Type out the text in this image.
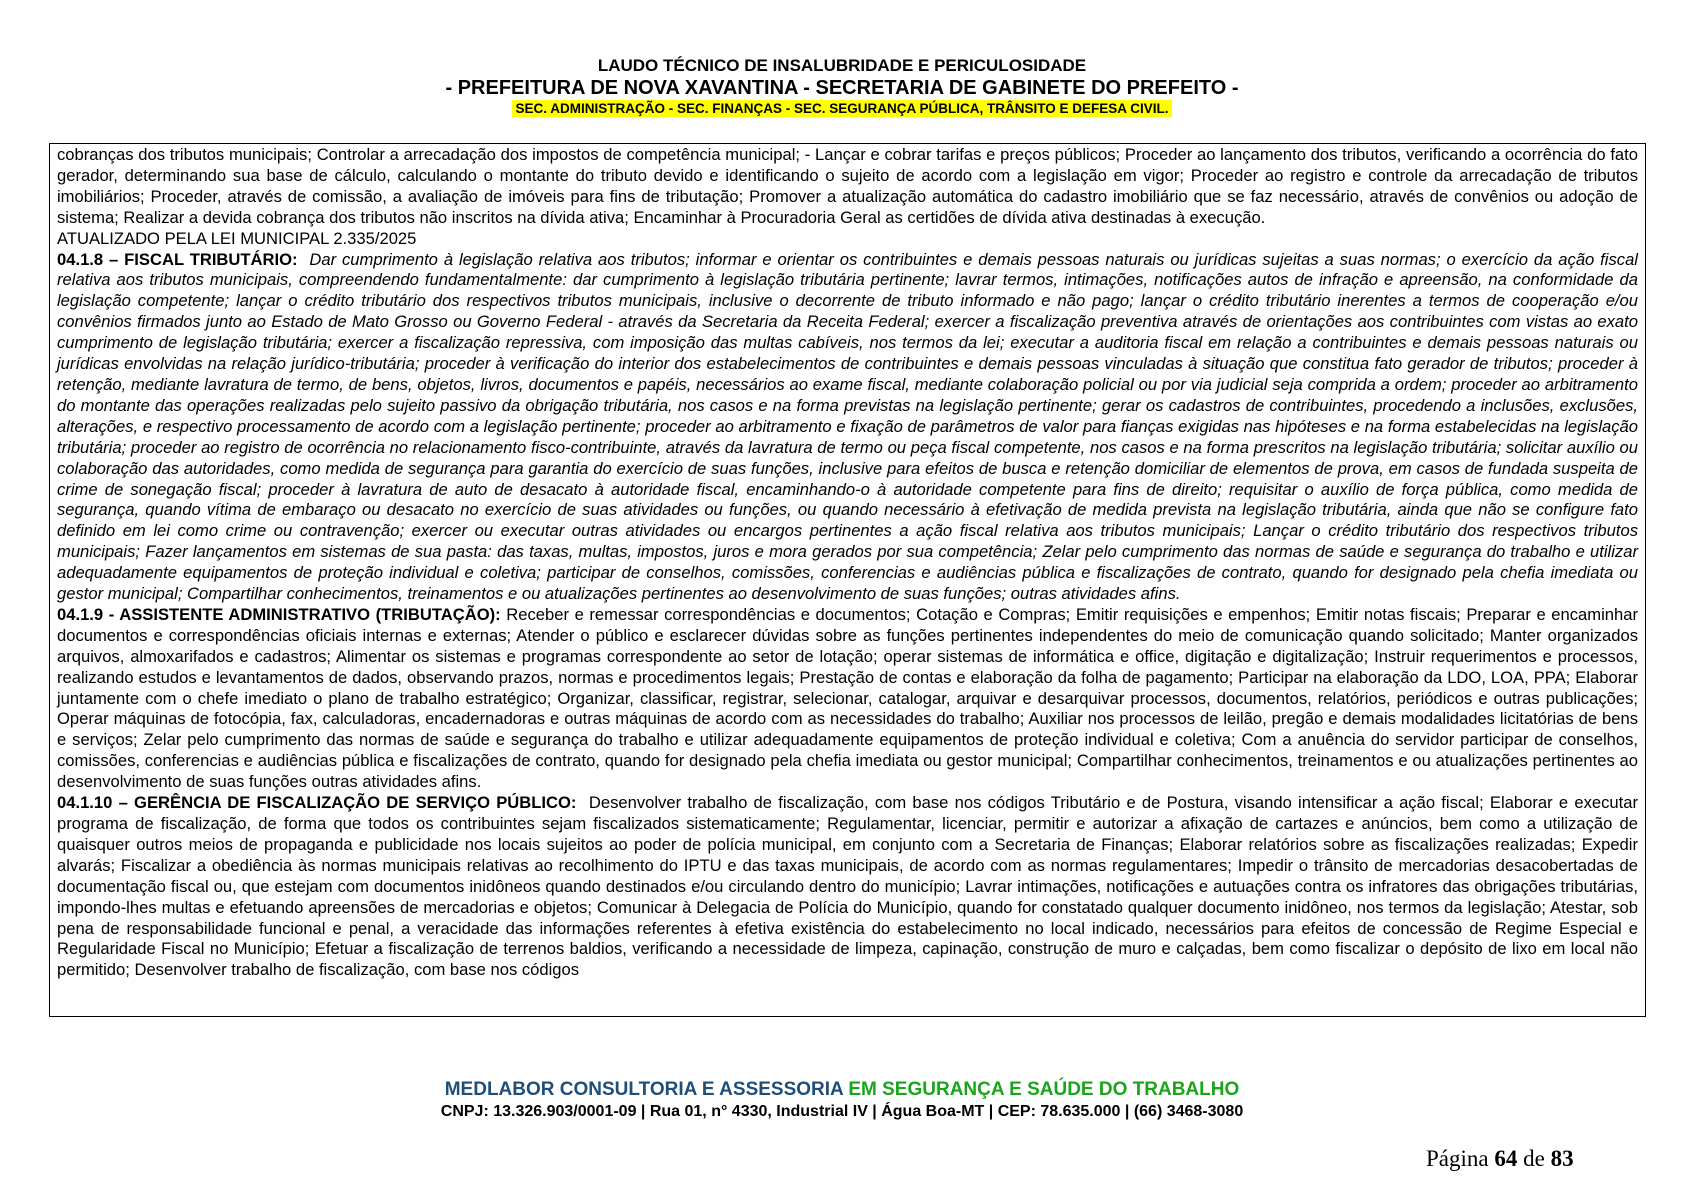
LAUDO TÉCNICO DE INSALUBRIDADE E PERICULOSIDADE
- PREFEITURA DE NOVA XAVANTINA - SECRETARIA DE GABINETE DO PREFEITO -
SEC. ADMINISTRAÇÃO - SEC. FINANÇAS - SEC. SEGURANÇA PÚBLICA, TRÂNSITO E DEFESA CIVIL.

cobranças dos tributos municipais; Controlar a arrecadação dos impostos de competência municipal; - Lançar e cobrar tarifas e preços públicos; Proceder ao lançamento dos tributos, verificando a ocorrência do fato gerador, determinando sua base de cálculo, calculando o montante do tributo devido e identificando o sujeito de acordo com a legislação em vigor; Proceder ao registro e controle da arrecadação de tributos imobiliários; Proceder, através de comissão, a avaliação de imóveis para fins de tributação; Promover a atualização automática do cadastro imobiliário que se faz necessário, através de convênios ou adoção de sistema; Realizar a devida cobrança dos tributos não inscritos na dívida ativa; Encaminhar à Procuradoria Geral as certidões de dívida ativa destinadas à execução.

ATUALIZADO PELA LEI MUNICIPAL 2.335/2025

04.1.8 – FISCAL TRIBUTÁRIO: Dar cumprimento à legislação relativa aos tributos; informar e orientar os contribuintes e demais pessoas naturais ou jurídicas sujeitas a suas normas; o exercício da ação fiscal relativa aos tributos municipais, compreendendo fundamentalmente: dar cumprimento à legislação tributária pertinente; lavrar termos, intimações, notificações autos de infração e apreensão, na conformidade da legislação competente; lançar o crédito tributário dos respectivos tributos municipais, inclusive o decorrente de tributo informado e não pago; lançar o crédito tributário inerentes a termos de cooperação e/ou convênios firmados junto ao Estado de Mato Grosso ou Governo Federal - através da Secretaria da Receita Federal; exercer a fiscalização preventiva através de orientações aos contribuintes com vistas ao exato cumprimento de legislação tributária; exercer a fiscalização repressiva, com imposição das multas cabíveis, nos termos da lei; executar a auditoria fiscal em relação a contribuintes e demais pessoas naturais ou jurídicas envolvidas na relação jurídico-tributária; proceder à verificação do interior dos estabelecimentos de contribuintes e demais pessoas vinculadas à situação que constitua fato gerador de tributos; proceder à retenção, mediante lavratura de termo, de bens, objetos, livros, documentos e papéis, necessários ao exame fiscal, mediante colaboração policial ou por via judicial seja comprida a ordem; proceder ao arbitramento do montante das operações realizadas pelo sujeito passivo da obrigação tributária, nos casos e na forma previstas na legislação pertinente; gerar os cadastros de contribuintes, procedendo a inclusões, exclusões, alterações, e respectivo processamento de acordo com a legislação pertinente; proceder ao arbitramento e fixação de parâmetros de valor para fianças exigidas nas hipóteses e na forma estabelecidas na legislação tributária; proceder ao registro de ocorrência no relacionamento fisco-contribuinte, através da lavratura de termo ou peça fiscal competente, nos casos e na forma prescritos na legislação tributária; solicitar auxílio ou colaboração das autoridades, como medida de segurança para garantia do exercício de suas funções, inclusive para efeitos de busca e retenção domiciliar de elementos de prova, em casos de fundada suspeita de crime de sonegação fiscal; proceder à lavratura de auto de desacato à autoridade fiscal, encaminhando-o à autoridade competente para fins de direito; requisitar o auxílio de força pública, como medida de segurança, quando vítima de embaraço ou desacato no exercício de suas atividades ou funções, ou quando necessário à efetivação de medida prevista na legislação tributária, ainda que não se configure fato definido em lei como crime ou contravenção; exercer ou executar outras atividades ou encargos pertinentes a ação fiscal relativa aos tributos municipais; Lançar o crédito tributário dos respectivos tributos municipais; Fazer lançamentos em sistemas de sua pasta: das taxas, multas, impostos, juros e mora gerados por sua competência; Zelar pelo cumprimento das normas de saúde e segurança do trabalho e utilizar adequadamente equipamentos de proteção individual e coletiva; participar de conselhos, comissões, conferencias e audiências pública e fiscalizações de contrato, quando for designado pela chefia imediata ou gestor municipal; Compartilhar conhecimentos, treinamentos e ou atualizações pertinentes ao desenvolvimento de suas funções; outras atividades afins.

04.1.9 - ASSISTENTE ADMINISTRATIVO (TRIBUTAÇÃO): Receber e remessar correspondências e documentos; Cotação e Compras; Emitir requisições e empenhos; Emitir notas fiscais; Preparar e encaminhar documentos e correspondências oficiais internas e externas; Atender o público e esclarecer dúvidas sobre as funções pertinentes independentes do meio de comunicação quando solicitado; Manter organizados arquivos, almoxarifados e cadastros; Alimentar os sistemas e programas correspondente ao setor de lotação; operar sistemas de informática e office, digitação e digitalização; Instruir requerimentos e processos, realizando estudos e levantamentos de dados, observando prazos, normas e procedimentos legais; Prestação de contas e elaboração da folha de pagamento; Participar na elaboração da LDO, LOA, PPA; Elaborar juntamente com o chefe imediato o plano de trabalho estratégico; Organizar, classificar, registrar, selecionar, catalogar, arquivar e desarquivar processos, documentos, relatórios, periódicos e outras publicações; Operar máquinas de fotocópia, fax, calculadoras, encadernadoras e outras máquinas de acordo com as necessidades do trabalho; Auxiliar nos processos de leilão, pregão e demais modalidades licitatórias de bens e serviços; Zelar pelo cumprimento das normas de saúde e segurança do trabalho e utilizar adequadamente equipamentos de proteção individual e coletiva; Com a anuência do servidor participar de conselhos, comissões, conferencias e audiências pública e fiscalizações de contrato, quando for designado pela chefia imediata ou gestor municipal; Compartilhar conhecimentos, treinamentos e ou atualizações pertinentes ao desenvolvimento de suas funções outras atividades afins.

04.1.10 – GERÊNCIA DE FISCALIZAÇÃO DE SERVIÇO PÚBLICO: Desenvolver trabalho de fiscalização, com base nos códigos Tributário e de Postura, visando intensificar a ação fiscal; Elaborar e executar programa de fiscalização, de forma que todos os contribuintes sejam fiscalizados sistematicamente; Regulamentar, licenciar, permitir e autorizar a afixação de cartazes e anúncios, bem como a utilização de quaisquer outros meios de propaganda e publicidade nos locais sujeitos ao poder de polícia municipal, em conjunto com a Secretaria de Finanças; Elaborar relatórios sobre as fiscalizações realizadas; Expedir alvarás; Fiscalizar a obediência às normas municipais relativas ao recolhimento do IPTU e das taxas municipais, de acordo com as normas regulamentares; Impedir o trânsito de mercadorias desacobertadas de documentação fiscal ou, que estejam com documentos inidôneos quando destinados e/ou circulando dentro do município; Lavrar intimações, notificações e autuações contra os infratores das obrigações tributárias, impondo-lhes multas e efetuando apreensões de mercadorias e objetos; Comunicar à Delegacia de Polícia do Município, quando for constatado qualquer documento inidôneo, nos termos da legislação; Atestar, sob pena de responsabilidade funcional e penal, a veracidade das informações referentes à efetiva existência do estabelecimento no local indicado, necessários para efeitos de concessão de Regime Especial e Regularidade Fiscal no Município; Efetuar a fiscalização de terrenos baldios, verificando a necessidade de limpeza, capinação, construção de muro e calçadas, bem como fiscalizar o depósito de lixo em local não permitido; Desenvolver trabalho de fiscalização, com base nos códigos

MEDLABOR CONSULTORIA E ASSESSORIA EM SEGURANÇA E SAÚDE DO TRABALHO
CNPJ: 13.326.903/0001-09 | Rua 01, n° 4330, Industrial IV | Água Boa-MT | CEP: 78.635.000 | (66) 3468-3080
Página 64 de 83
